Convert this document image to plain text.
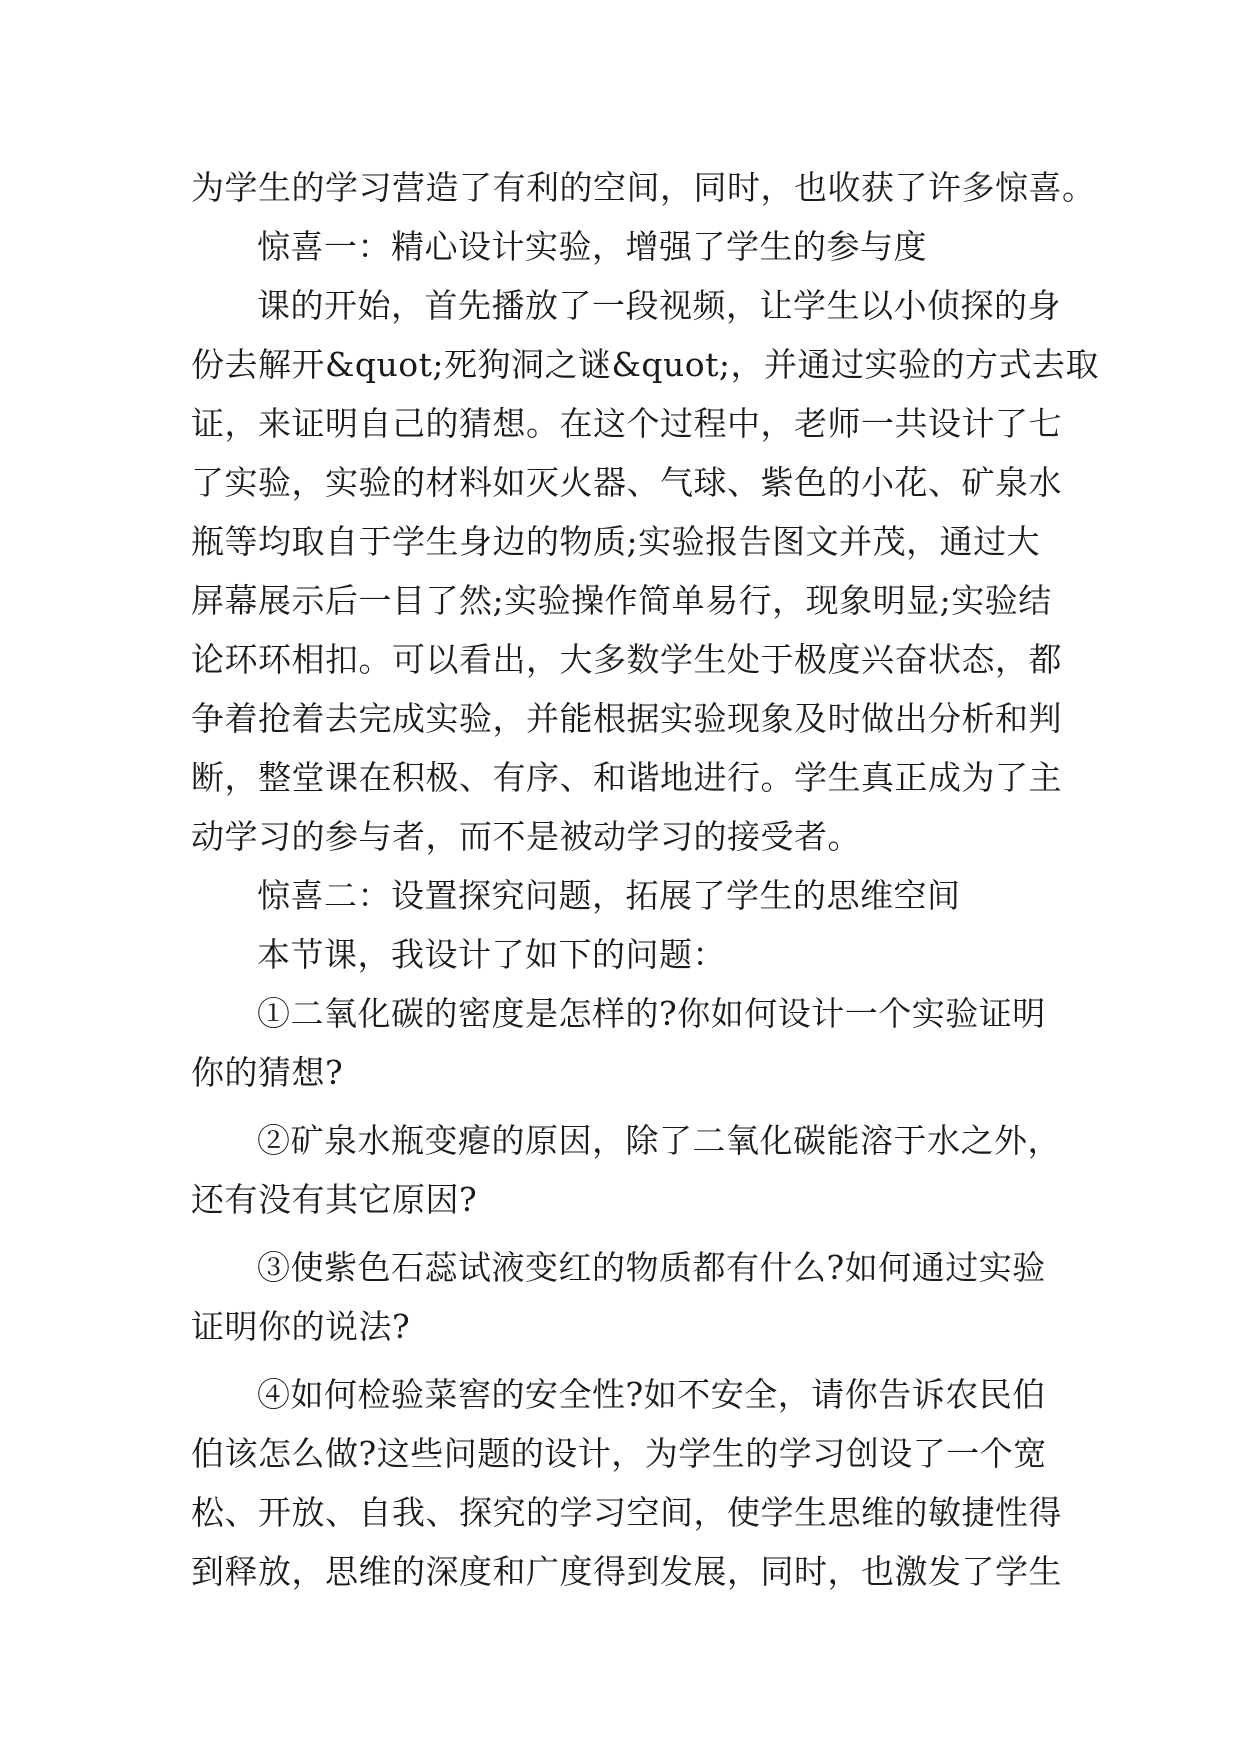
为学生的学习营造了有利的空间，同时，也收获了许多惊喜。
惊喜一：精心设计实验，增强了学生的参与度
课的开始，首先播放了一段视频，让学生以小侦探的身
份去解开&quot;死狗洞之谜&quot;，并通过实验的方式去取
证，来证明自己的猜想。在这个过程中，老师一共设计了七
了实验，实验的材料如灭火器、气球、紫色的小花、矿泉水
瓶等均取自于学生身边的物质;实验报告图文并茂，通过大
屏幕展示后一目了然;实验操作简单易行，现象明显;实验结
论环环相扣。可以看出，大多数学生处于极度兴奋状态，都
争着抢着去完成实验，并能根据实验现象及时做出分析和判
断，整堂课在积极、有序、和谐地进行。学生真正成为了主
动学习的参与者，而不是被动学习的接受者。
惊喜二：设置探究问题，拓展了学生的思维空间
本节课，我设计了如下的问题：
①二氧化碳的密度是怎样的?你如何设计一个实验证明
你的猜想?
②矿泉水瓶变瘪的原因，除了二氧化碳能溶于水之外，
还有没有其它原因?
③使紫色石蕊试液变红的物质都有什么?如何通过实验
证明你的说法?
④如何检验菜窖的安全性?如不安全，请你告诉农民伯
伯该怎么做?这些问题的设计，为学生的学习创设了一个宽
松、开放、自我、探究的学习空间，使学生思维的敏捷性得
到释放，思维的深度和广度得到发展，同时，也激发了学生
